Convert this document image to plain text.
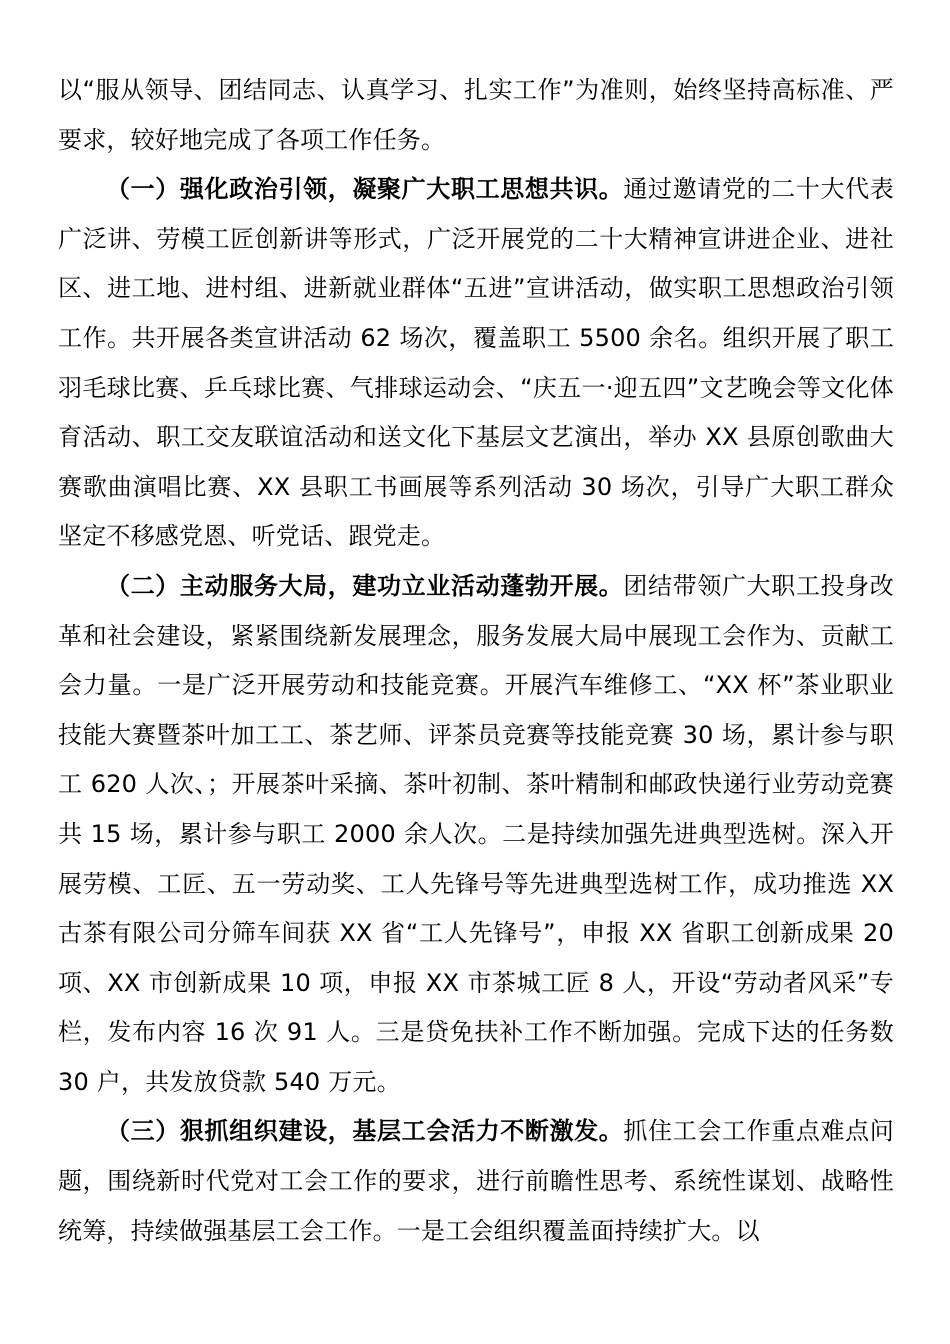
以“服从领导、团结同志、认真学习、扎实工作”为准则，始终坚持高标准、严要求，较好地完成了各项工作任务。

（一）强化政治引领，凝聚广大职工思想共识。通过邀请党的二十大代表广泛讲、劳模工匠创新讲等形式，广泛开展党的二十大精神宣讲进企业、进社区、进工地、进村组、进新就业群体“五进”宣讲活动，做实职工思想政治引领工作。共开展各类宣讲活动 62 场次，覆盖职工 5500 余名。组织开展了职工羽毛球比赛、乒乓球比赛、气排球运动会、“庆五一·迎五四”文艺晚会等文化体育活动、职工交友联谊活动和送文化下基层文艺演出，举办 XX 县原创歌曲大赛歌曲演唱比赛、XX 县职工书画展等系列活动 30 场次，引导广大职工群众坚定不移感党恩、听党话、跟党走。

（二）主动服务大局，建功立业活动蓬勃开展。团结带领广大职工投身改革和社会建设，紧紧围绕新发展理念，服务发展大局中展现工会作为、贡献工会力量。一是广泛开展劳动和技能竞赛。开展汽车维修工、“XX 杯”茶业职业技能大赛暨茶叶加工工、茶艺师、评茶员竞赛等技能竞赛 30 场，累计参与职工 620 人次、；开展茶叶采摘、茶叶初制、茶叶精制和邮政快递行业劳动竞赛共 15 场，累计参与职工 2000 余人次。二是持续加强先进典型选树。深入开展劳模、工匠、五一劳动奖、工人先锋号等先进典型选树工作，成功推选 XX 古茶有限公司分筛车间获 XX 省“工人先锋号”，申报 XX 省职工创新成果 20 项、XX 市创新成果 10 项，申报 XX 市茶城工匠 8 人，开设“劳动者风采”专栏，发布内容 16 次 91 人。三是贷免扶补工作不断加强。完成下达的任务数 30 户，共发放贷款 540 万元。

（三）狠抓组织建设，基层工会活力不断激发。抓住工会工作重点难点问题，围绕新时代党对工会工作的要求，进行前瞻性思考、系统性谋划、战略性统筹，持续做强基层工会工作。一是工会组织覆盖面持续扩大。以
